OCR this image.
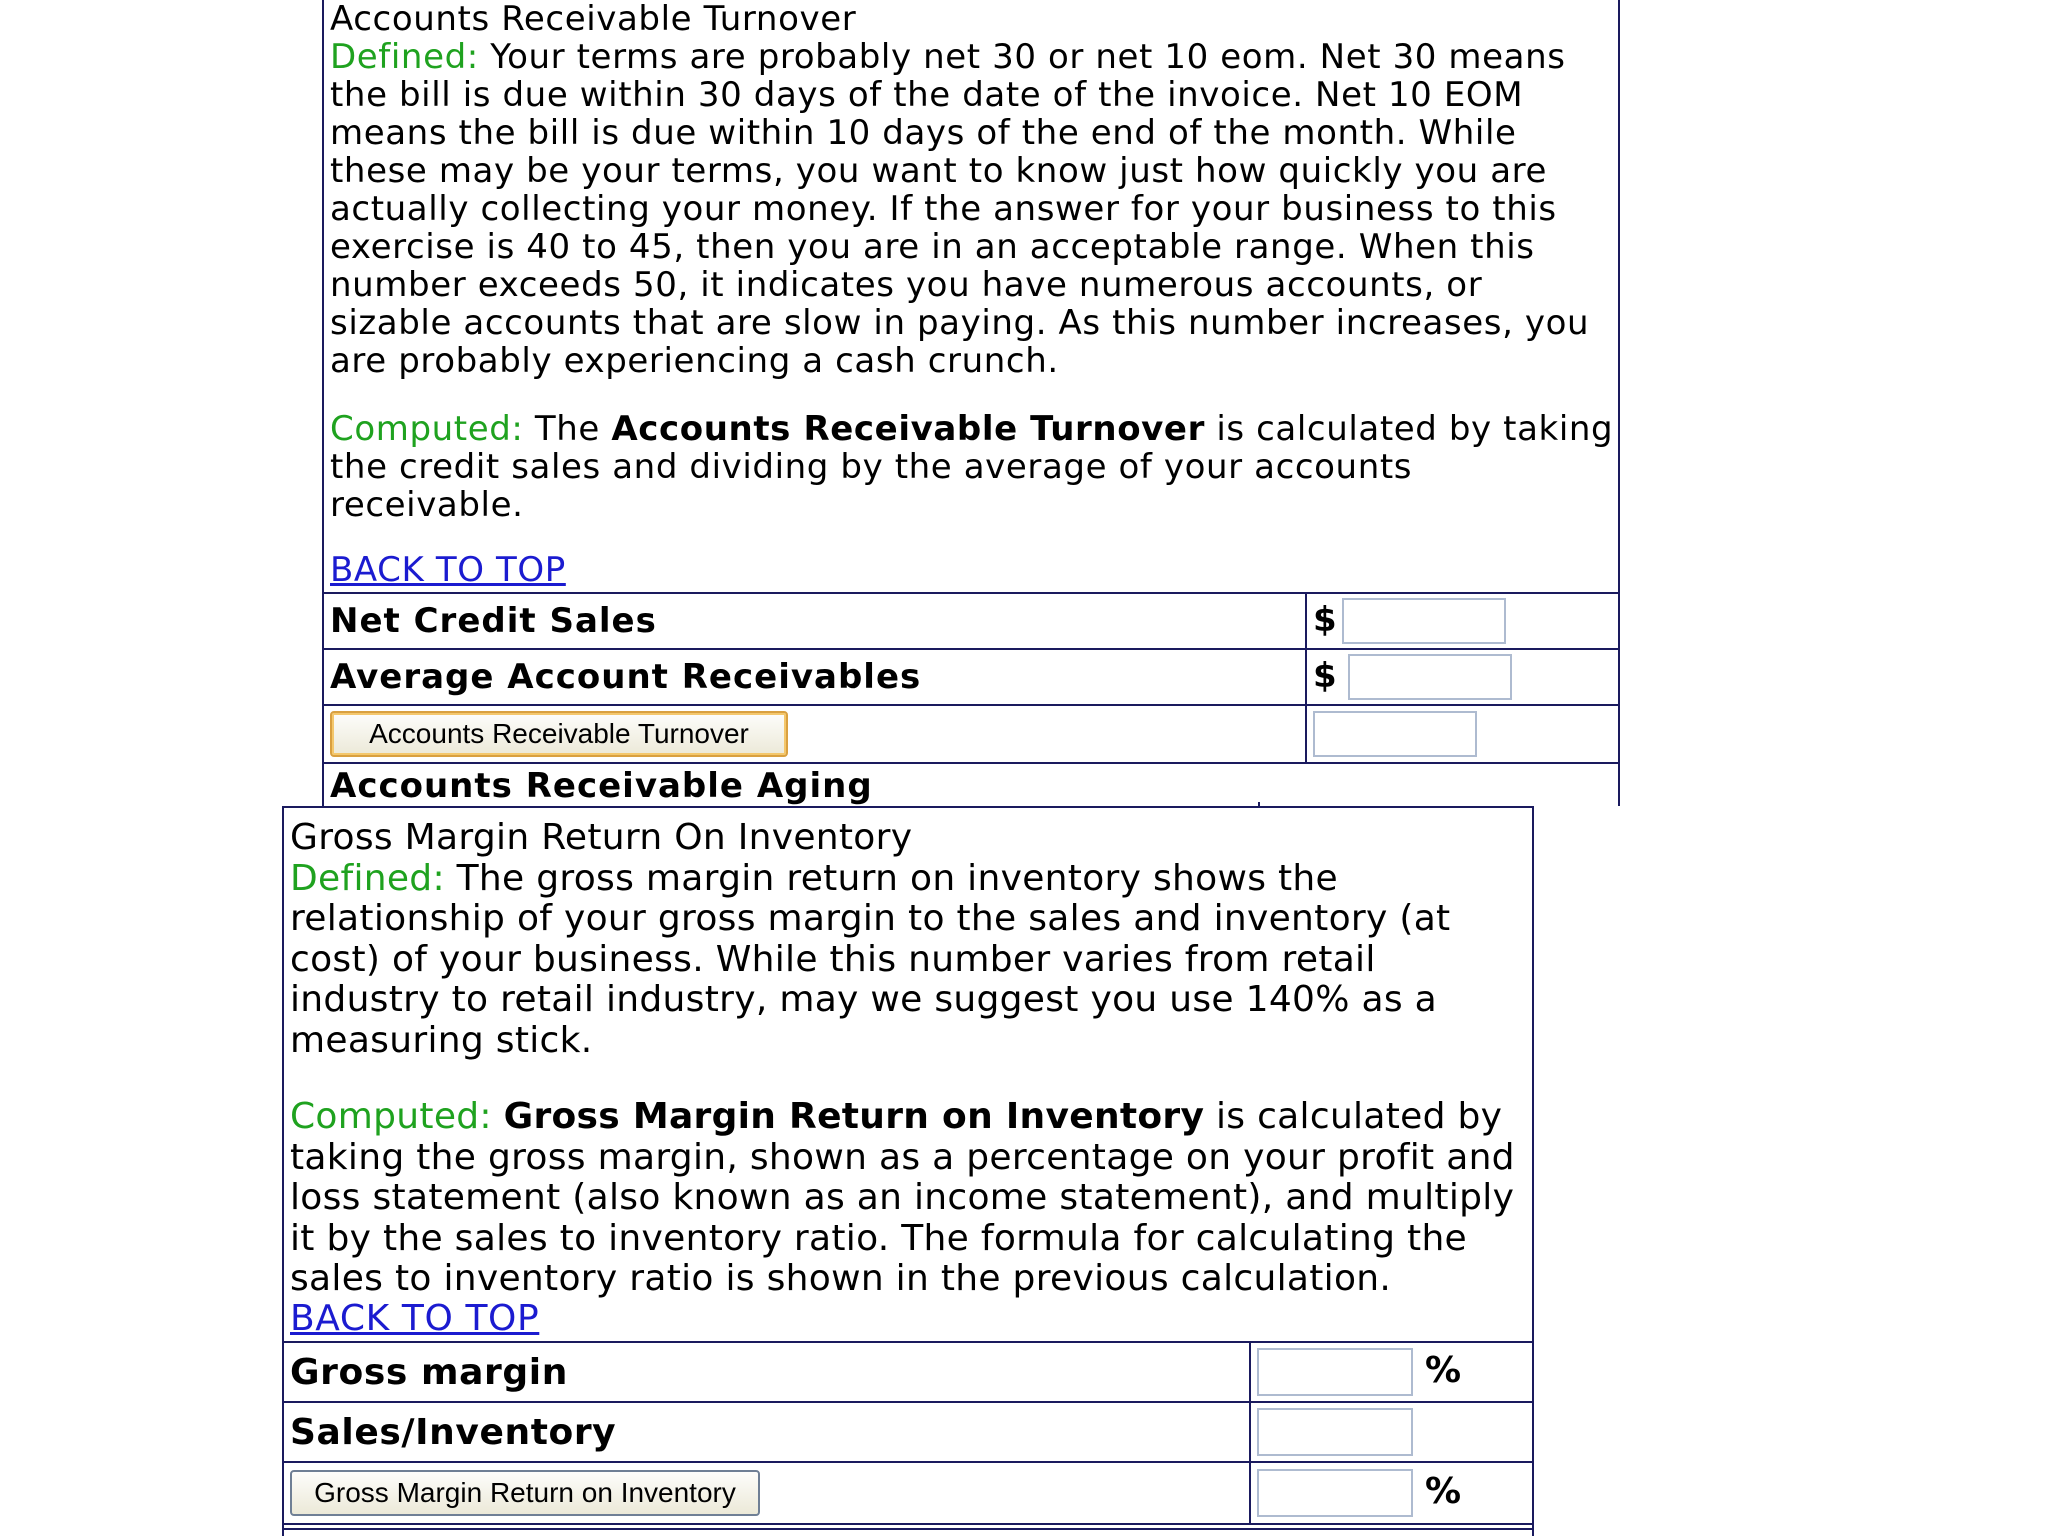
Accounts Receivable Turnover
Defined: Your terms are probably net 30 or net 10 eom. Net 30 means the bill is due within 30 days of the date of the invoice. Net 10 EOM means the bill is due within 10 days of the end of the month. While these may be your terms, you want to know just how quickly you are actually collecting your money. If the answer for your business to this exercise is 40 to 45, then you are in an acceptable range. When this number exceeds 50, it indicates you have numerous accounts, or sizable accounts that are slow in paying. As this number increases, you are probably experiencing a cash crunch.
Computed: The Accounts Receivable Turnover is calculated by taking the credit sales and dividing by the average of your accounts receivable.
BACK TO TOP
Net Credit Sales	$
Average Account Receivables	$
Accounts Receivable Turnover	
Accounts Receivable Aging
Gross Margin Return On Inventory
Defined: The gross margin return on inventory shows the relationship of your gross margin to the sales and inventory (at cost) of your business. While this number varies from retail industry to retail industry, may we suggest you use 140% as a measuring stick.
Computed: Gross Margin Return on Inventory is calculated by taking the gross margin, shown as a percentage on your profit and loss statement (also known as an income statement), and multiply it by the sales to inventory ratio. The formula for calculating the sales to inventory ratio is shown in the previous calculation.
BACK TO TOP
Gross margin	%
Sales/Inventory	
Gross Margin Return on Inventory	%
